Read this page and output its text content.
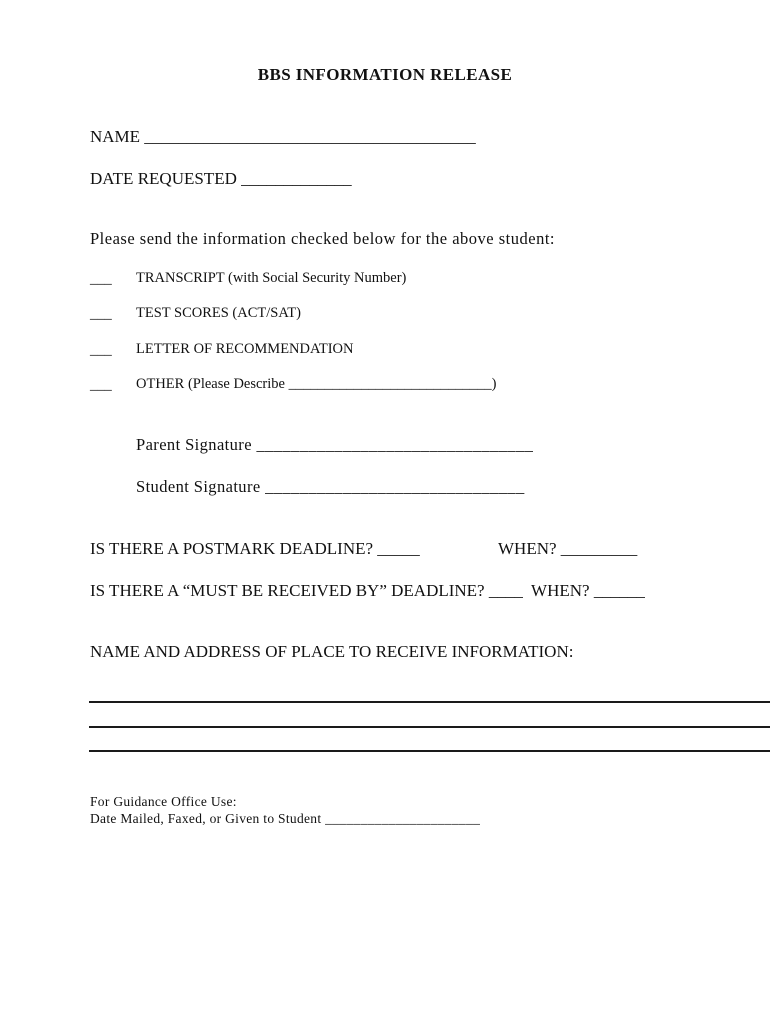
BBS INFORMATION RELEASE
NAME _______________________________________
DATE REQUESTED _____________
Please send the information checked below for the above student:
___ TRANSCRIPT (with Social Security Number)
___ TEST SCORES (ACT/SAT)
___ LETTER OF RECOMMENDATION
___ OTHER (Please Describe ____________________________)
Parent Signature ________________________________
Student Signature ______________________________
IS THERE A POSTMARK DEADLINE? _____	WHEN? _________
IS THERE A “MUST BE RECEIVED BY” DEADLINE? ____  WHEN? ______
NAME AND ADDRESS OF PLACE TO RECEIVE INFORMATION:
For Guidance Office Use:
Date Mailed, Faxed, or Given to Student ______________________
